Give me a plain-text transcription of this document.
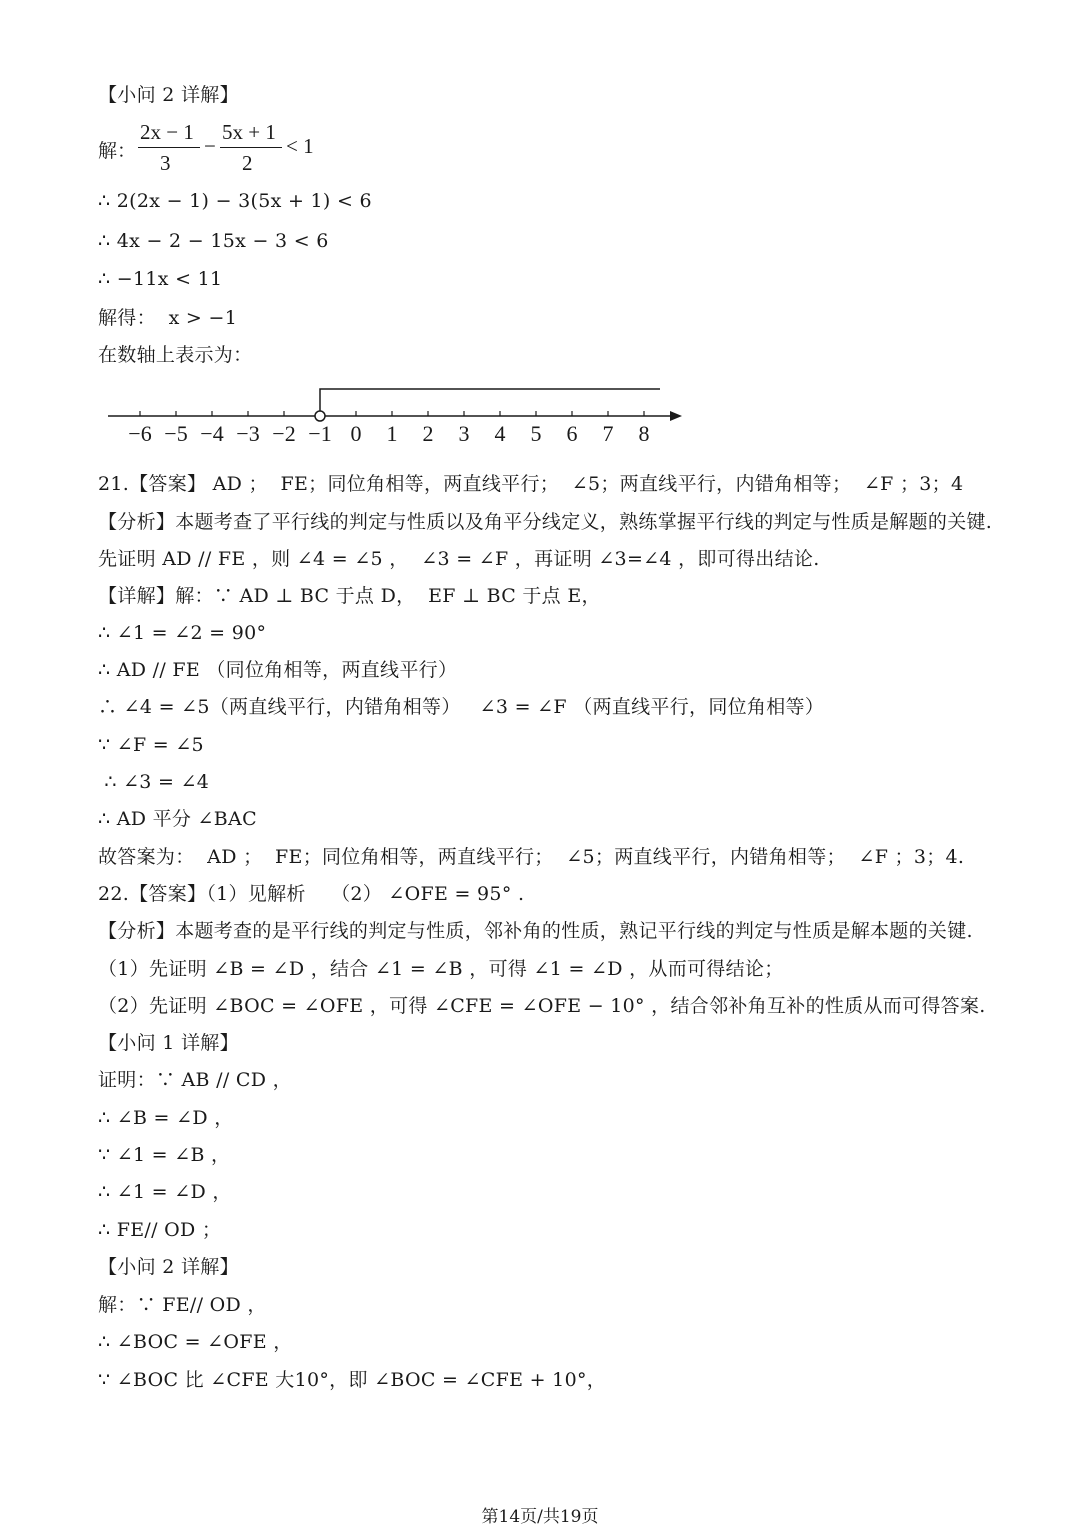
【小问 2 详解】
解：
2x − 1
3
−
5x + 1
2
< 1
∴ 2(2x − 1) − 3(5x + 1) < 6
∴ 4x − 2 − 15x − 3 < 6
∴ −11x < 11
解得：  x > −1
在数轴上表示为：
−6 −5 −4 −3 −2 −1 0 1 2 3 4 5 6 7 8
21.【答案】 AD ；  FE；同位角相等，两直线平行；  ∠5；两直线平行，内错角相等；  ∠F ；3；4
【分析】本题考查了平行线的判定与性质以及角平分线定义，熟练掌握平行线的判定与性质是解题的关键.
先证明 AD // FE ，则 ∠4 = ∠5 ，  ∠3 = ∠F ，再证明 ∠3=∠4 ，即可得出结论.
【详解】解：∵ AD ⊥ BC 于点 D，  EF ⊥ BC 于点 E，
∴ ∠1 = ∠2 = 90°
∴ AD // FE （同位角相等，两直线平行）
∴ ∠4 = ∠5（两直线平行，内错角相等）   ∠3 = ∠F （两直线平行，同位角相等）
∵ ∠F = ∠5
∴ ∠3 = ∠4
∴ AD 平分 ∠BAC
故答案为：  AD ；  FE；同位角相等，两直线平行；  ∠5；两直线平行，内错角相等；  ∠F ；3；4.
22.【答案】（1）见解析    （2） ∠OFE = 95° .
【分析】本题考查的是平行线的判定与性质，邻补角的性质，熟记平行线的判定与性质是解本题的关键.
（1）先证明 ∠B = ∠D ，结合 ∠1 = ∠B ，可得 ∠1 = ∠D ，从而可得结论；
（2）先证明 ∠BOC = ∠OFE ，可得 ∠CFE = ∠OFE − 10° ，结合邻补角互补的性质从而可得答案.
【小问 1 详解】
证明：∵ AB // CD ，
∴ ∠B = ∠D ，
∵ ∠1 = ∠B ，
∴ ∠1 = ∠D ，
∴ FE// OD ；
【小问 2 详解】
解：∵ FE// OD ，
∴ ∠BOC = ∠OFE ，
∵ ∠BOC 比 ∠CFE 大10°，即 ∠BOC = ∠CFE + 10°，
第14页/共19页
